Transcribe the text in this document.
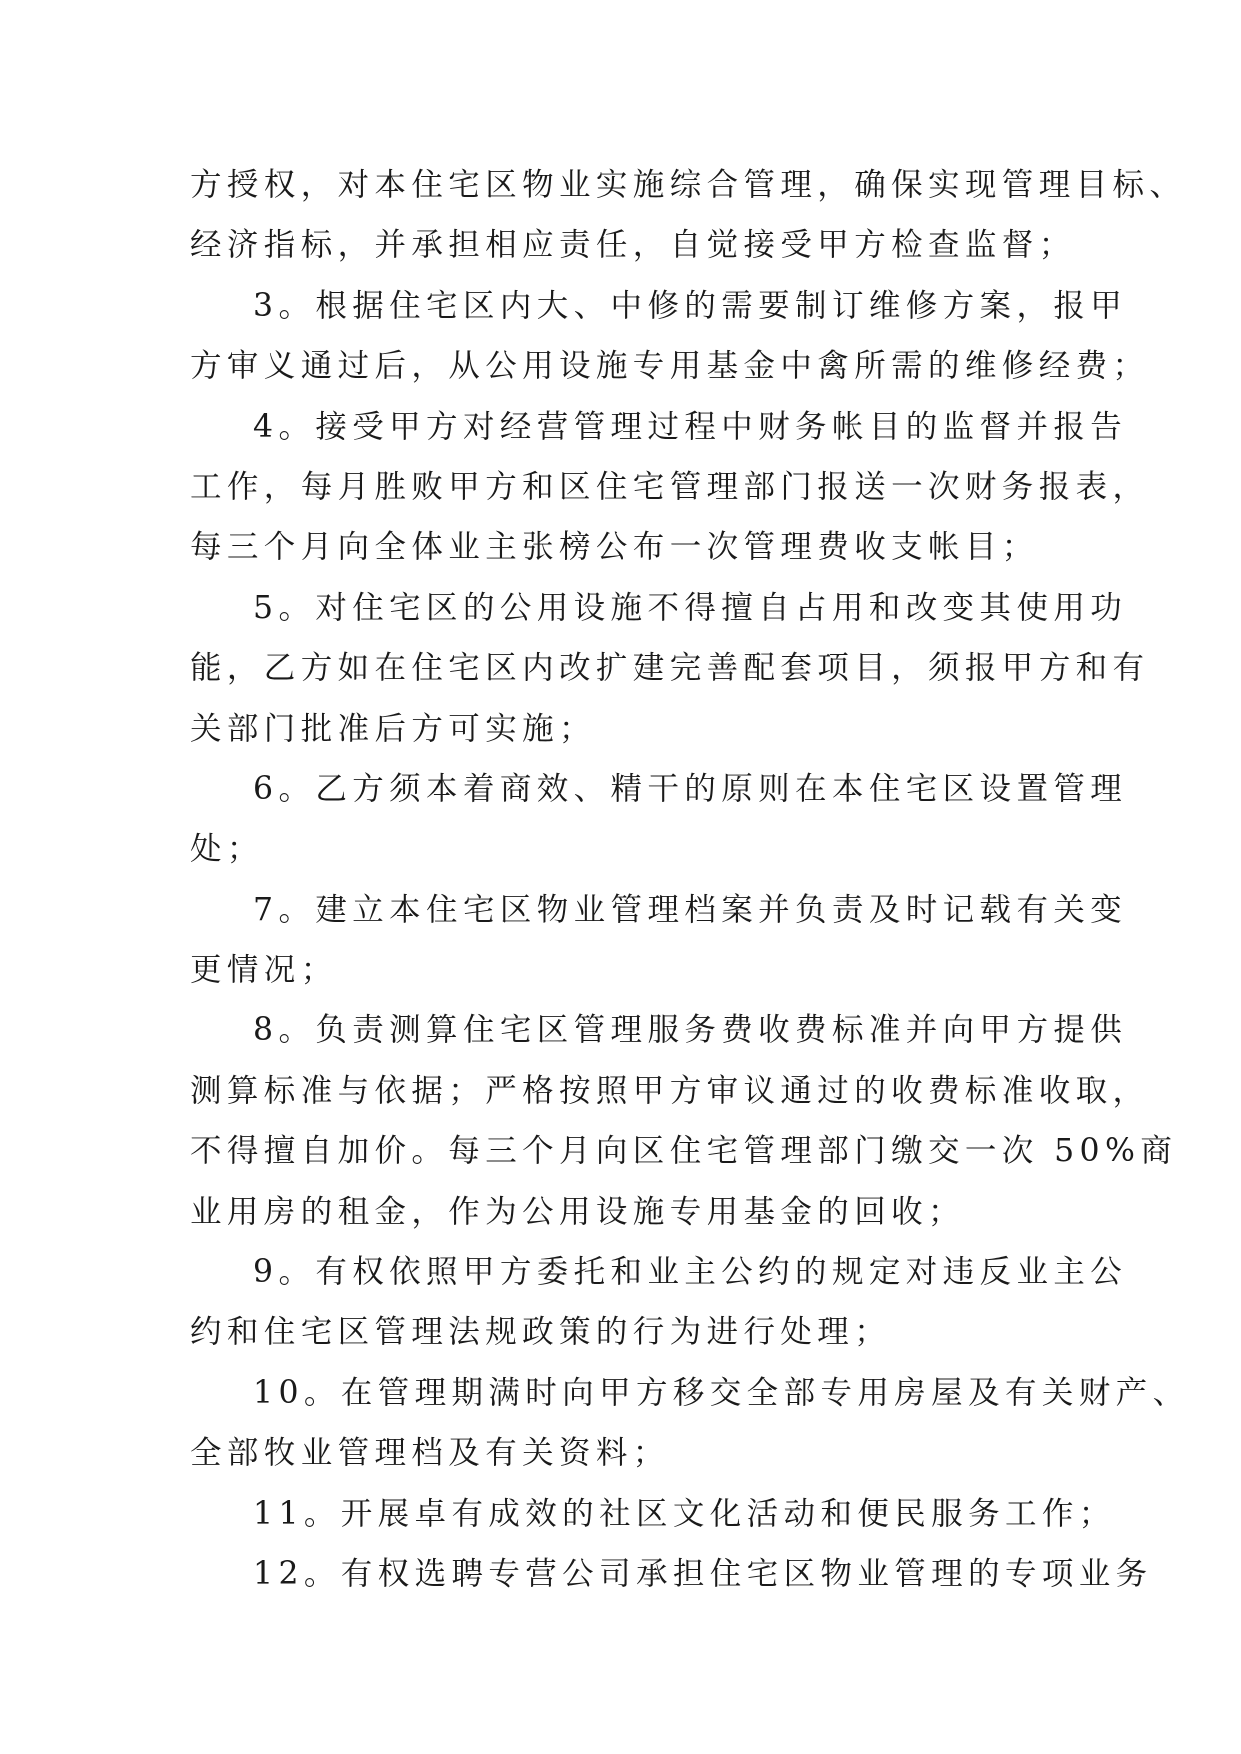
方授权，对本住宅区物业实施综合管理，确保实现管理目标、
经济指标，并承担相应责任，自觉接受甲方检查监督；
3。根据住宅区内大、中修的需要制订维修方案，报甲
方审义通过后，从公用设施专用基金中禽所需的维修经费；
4。接受甲方对经营管理过程中财务帐目的监督并报告
工作，每月胜败甲方和区住宅管理部门报送一次财务报表，
每三个月向全体业主张榜公布一次管理费收支帐目；
5。对住宅区的公用设施不得擅自占用和改变其使用功
能，乙方如在住宅区内改扩建完善配套项目，须报甲方和有
关部门批准后方可实施；
6。乙方须本着商效、精干的原则在本住宅区设置管理
处；
7。建立本住宅区物业管理档案并负责及时记载有关变
更情况；
8。负责测算住宅区管理服务费收费标准并向甲方提供
测算标准与依据；严格按照甲方审议通过的收费标准收取，
不得擅自加价。每三个月向区住宅管理部门缴交一次 50%商
业用房的租金，作为公用设施专用基金的回收；
9。有权依照甲方委托和业主公约的规定对违反业主公
约和住宅区管理法规政策的行为进行处理；
10。在管理期满时向甲方移交全部专用房屋及有关财产、
全部牧业管理档及有关资料；
11。开展卓有成效的社区文化活动和便民服务工作；
12。有权选聘专营公司承担住宅区物业管理的专项业务
